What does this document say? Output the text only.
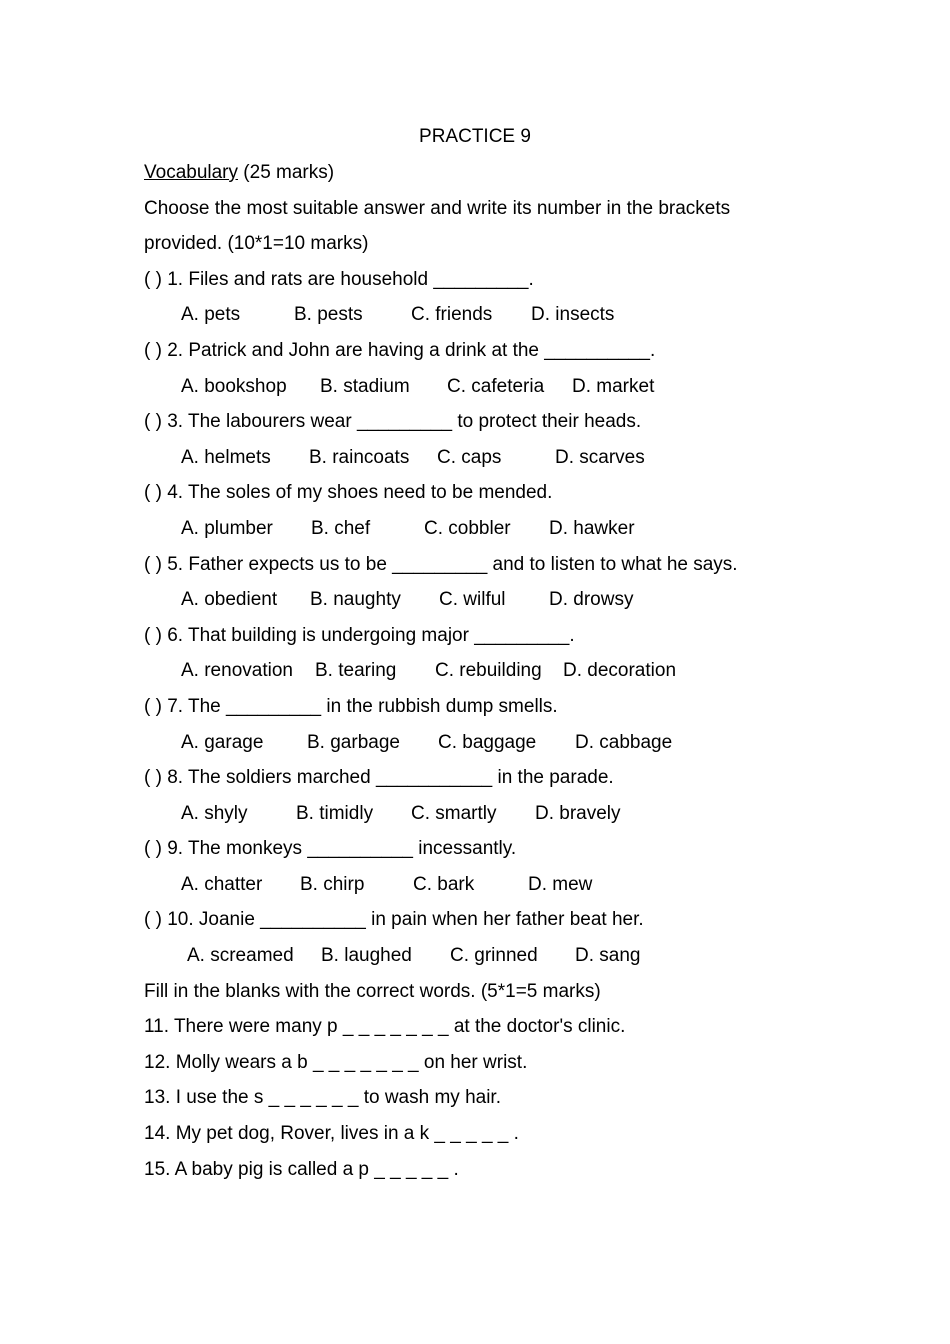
PRACTICE 9
Vocabulary (25 marks)
Choose the most suitable answer and write its number in the brackets
provided. (10*1=10 marks)
( ) 1. Files and rats are household _________.
A. pets	B. pests	C. friends D. insects
( ) 2. Patrick and John are having a drink at the __________.
A. bookshop B. stadium C. cafeteria D. market
( ) 3. The labourers wear _________ to protect their heads.
A. helmets B. raincoats C. caps	D. scarves
( ) 4. The soles of my shoes need to be mended.
A. plumber B. chef	C. cobbler D. hawker
( ) 5. Father expects us to be _________ and to listen to what he says.
A. obedient B. naughty C. wilful D. drowsy
( ) 6. That building is undergoing major _________.
A. renovation B. tearing C. rebuilding D. decoration
( ) 7. The _________ in the rubbish dump smells.
A. garage B. garbage C. baggage D. cabbage
( ) 8. The soldiers marched ___________ in the parade.
A. shyly	B. timidly C. smartly D. bravely
( ) 9. The monkeys __________ incessantly.
A. chatter B. chirp	C. bark	D. mew
( ) 10. Joanie __________ in pain when her father beat her.
A. screamed B. laughed C. grinned D. sang
Fill in the blanks with the correct words. (5*1=5 marks)
11. There were many p _ _ _ _ _ _ _ at the doctor's clinic.
12. Molly wears a b _ _ _ _ _ _ _ on her wrist.
13. I use the s _ _ _ _ _ _ to wash my hair.
14. My pet dog, Rover, lives in a k _ _ _ _ _ .
15. A baby pig is called a p _ _ _ _ _ .
